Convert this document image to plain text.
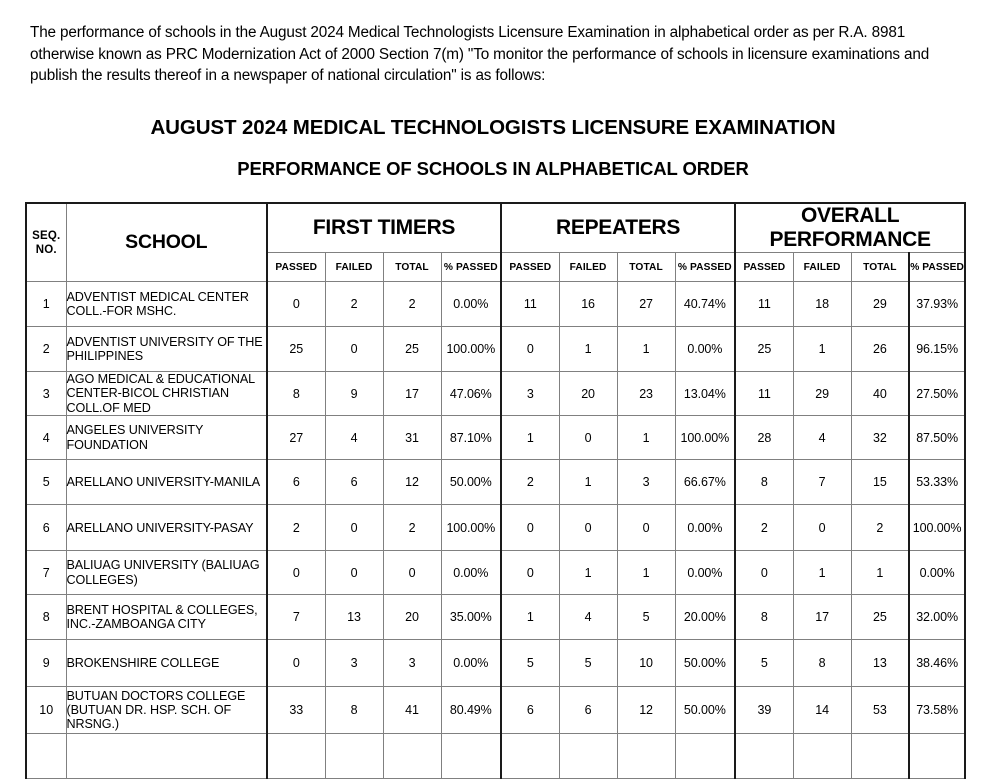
The performance of schools in the August 2024 Medical Technologists Licensure Examination in alphabetical order as per R.A. 8981 otherwise known as PRC Modernization Act of 2000 Section 7(m) "To monitor the performance of schools in licensure examinations and publish the results thereof in a newspaper of national circulation" is as follows:
AUGUST 2024 MEDICAL TECHNOLOGISTS LICENSURE EXAMINATION
PERFORMANCE OF SCHOOLS IN ALPHABETICAL ORDER
SEQ.
NO.	SCHOOL	FIRST TIMERS				REPEATERS				OVERALL PERFORMANCE			
		PASSED	FAILED	TOTAL	% PASSED	PASSED	FAILED	TOTAL	% PASSED	PASSED	FAILED	TOTAL	% PASSED
1	ADVENTIST MEDICAL CENTER COLL.-FOR MSHC.	0	2	2	0.00%	11	16	27	40.74%	11	18	29	37.93%
2	ADVENTIST UNIVERSITY OF THE PHILIPPINES	25	0	25	100.00%	0	1	1	0.00%	25	1	26	96.15%
3	AGO MEDICAL & EDUCATIONAL CENTER-BICOL CHRISTIAN COLL.OF MED	8	9	17	47.06%	3	20	23	13.04%	11	29	40	27.50%
4	ANGELES UNIVERSITY FOUNDATION	27	4	31	87.10%	1	0	1	100.00%	28	4	32	87.50%
5	ARELLANO UNIVERSITY-MANILA	6	6	12	50.00%	2	1	3	66.67%	8	7	15	53.33%
6	ARELLANO UNIVERSITY-PASAY	2	0	2	100.00%	0	0	0	0.00%	2	0	2	100.00%
7	BALIUAG UNIVERSITY (BALIUAG COLLEGES)	0	0	0	0.00%	0	1	1	0.00%	0	1	1	0.00%
8	BRENT HOSPITAL & COLLEGES, INC.-ZAMBOANGA CITY	7	13	20	35.00%	1	4	5	20.00%	8	17	25	32.00%
9	BROKENSHIRE COLLEGE	0	3	3	0.00%	5	5	10	50.00%	5	8	13	38.46%
10	BUTUAN DOCTORS COLLEGE (BUTUAN DR. HSP. SCH. OF NRSNG.)	33	8	41	80.49%	6	6	12	50.00%	39	14	53	73.58%
